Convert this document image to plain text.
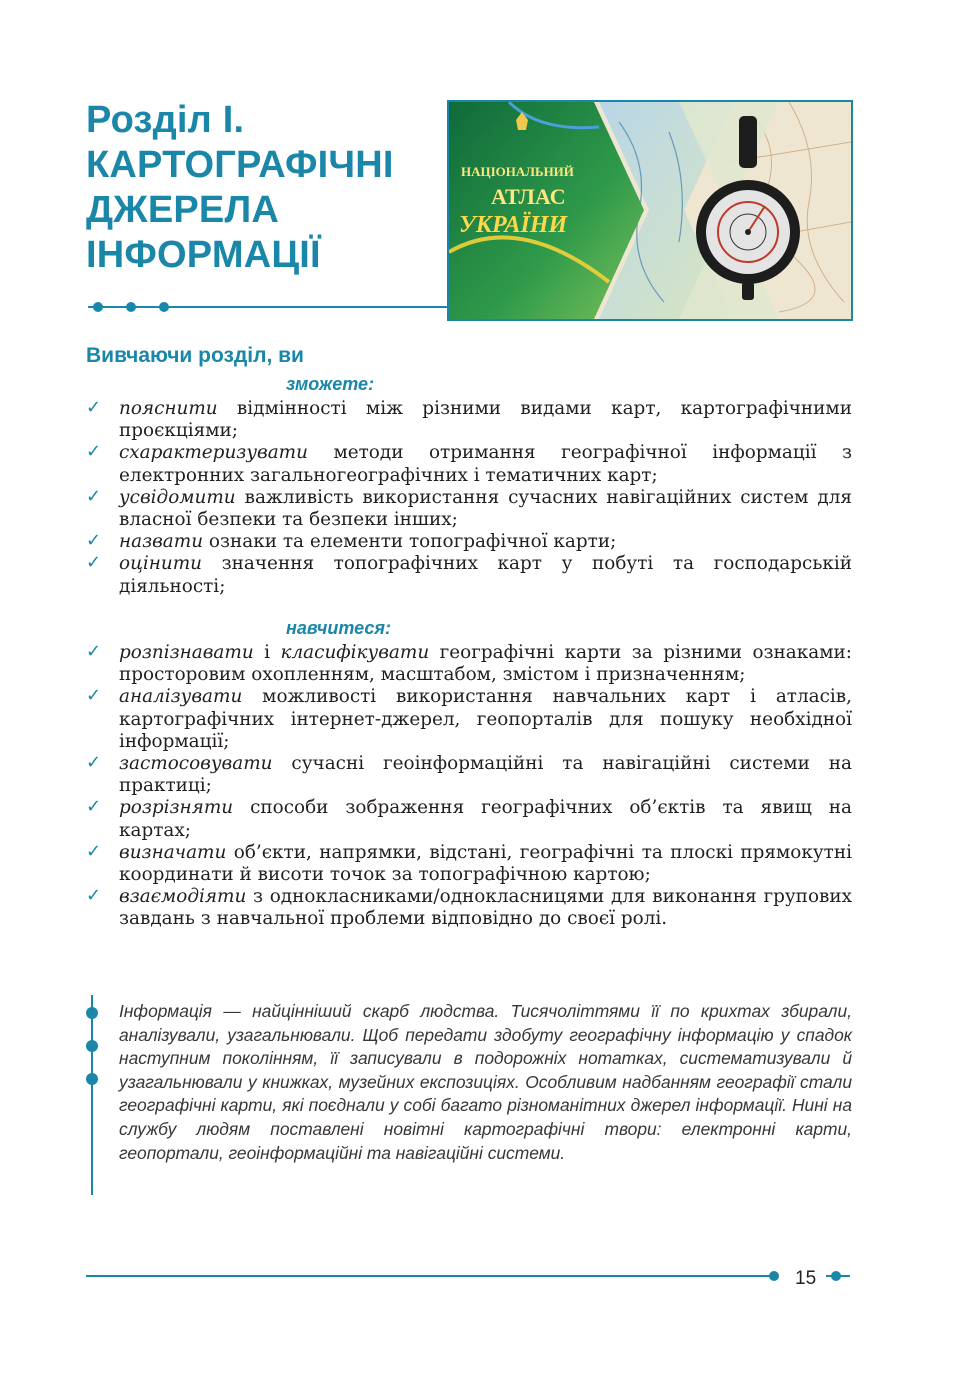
Розділ І.
КАРТОГРАФІЧНІ
ДЖЕРЕЛА
ІНФОРМАЦІЇ
НАЦІОНАЛЬНИЙ
АТЛАС
УКРАЇНИ
Вивчаючи розділ, ви
зможете:
✓ пояснити відмінності між різними видами карт, картографічними проєкціями;
✓ схарактеризувати методи отримання географічної інформації з електронних загальногеографічних і тематичних карт;
✓ усвідомити важливість використання сучасних навігаційних систем для власної безпеки та безпеки інших;
✓ назвати ознаки та елементи топографічної карти;
✓ оцінити значення топографічних карт у побуті та господарській діяльності;
навчитеся:
✓ розпізнавати і класифікувати географічні карти за різними ознаками: просторовим охопленням, масштабом, змістом і призначенням;
✓ аналізувати можливості використання навчальних карт і атласів, картографічних інтернет-джерел, геопорталів для пошуку необхідної інформації;
✓ застосовувати сучасні геоінформаційні та навігаційні системи на практиці;
✓ розрізняти способи зображення географічних об’єктів та явищ на картах;
✓ визначати об’єкти, напрямки, відстані, географічні та плоскі прямокутні координати й висоти точок за топографічною картою;
✓ взаємодіяти з однокласниками/однокласницями для виконання групових завдань з навчальної проблеми відповідно до своєї ролі.

Інформація — найцінніший скарб людства. Тисячоліттями її по крихтах збирали, аналізували, узагальнювали. Щоб передати здобуту географічну інформацію у спадок наступним поколінням, її записували в подорожніх нотатках, систематизували й узагальнювали у книжках, музейних експозиціях. Особливим надбанням географії стали географічні карти, які поєднали у собі багато різноманітних джерел інформації. Нині на службу людям поставлені новітні картографічні твори: електронні карти, геопортали, геоінформаційні та навігаційні системи.

15
